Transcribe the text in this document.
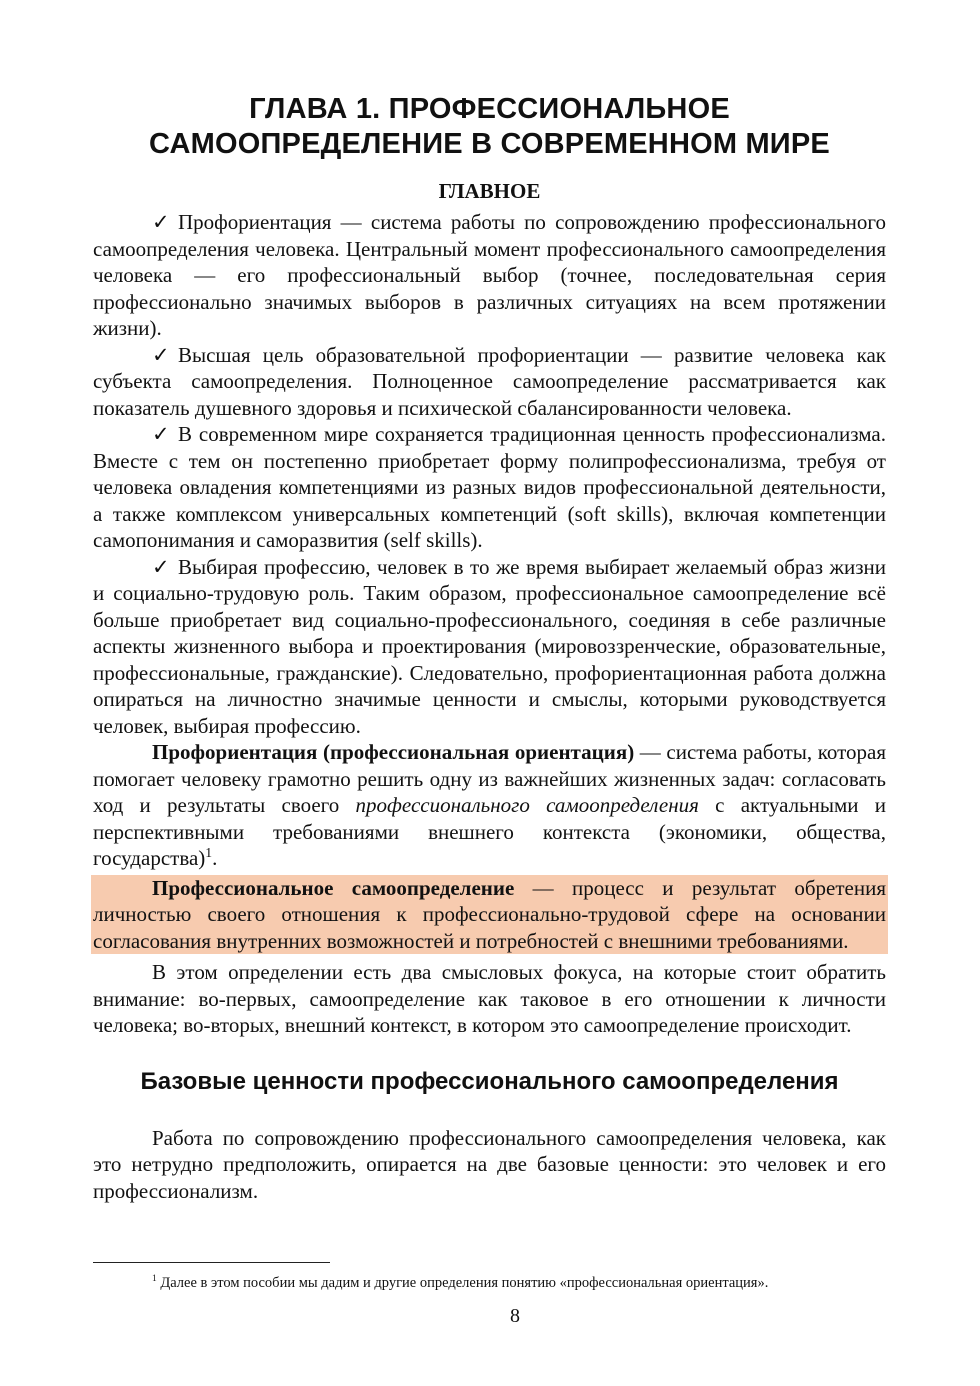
ГЛАВА 1. ПРОФЕССИОНАЛЬНОЕ
САМООПРЕДЕЛЕНИЕ В СОВРЕМЕННОМ МИРЕ
ГЛАВНОЕ

✓ Профориентация — система работы по сопровождению профессионального самоопределения человека. Центральный момент профессионального самоопределения человека — его профессиональный выбор (точнее, последовательная серия профессионально значимых выборов в различных ситуациях на всем протяжении жизни).

✓ Высшая цель образовательной профориентации — развитие человека как субъекта самоопределения. Полноценное самоопределение рассматривается как показатель душевного здоровья и психической сбалансированности человека.

✓ В современном мире сохраняется традиционная ценность профессионализма. Вместе с тем он постепенно приобретает форму полипрофессионализма, требуя от человека овладения компетенциями из разных видов профессиональной деятельности, а также комплексом универсальных компетенций (soft skills), включая компетенции самопонимания и саморазвития (self skills).

✓ Выбирая профессию, человек в то же время выбирает желаемый образ жизни и социально-трудовую роль. Таким образом, профессиональное самоопределение всё больше приобретает вид социально-профессионального, соединяя в себе различные аспекты жизненного выбора и проектирования (мировоззренческие, образовательные, профессиональные, гражданские). Следовательно, профориентационная работа должна опираться на личностно значимые ценности и смыслы, которыми руководствуется человек, выбирая профессию.

Профориентация (профессиональная ориентация) — система работы, которая помогает человеку грамотно решить одну из важнейших жизненных задач: согласовать ход и результаты своего профессионального самоопределения с актуальными и перспективными требованиями внешнего контекста (экономики, общества, государства)$^1$.

Профессиональное самоопределение — процесс и результат обретения личностью своего отношения к профессионально-трудовой сфере на основании согласования внутренних возможностей и потребностей с внешними требованиями.

В этом определении есть два смысловых фокуса, на которые стоит обратить внимание: во-первых, самоопределение как таковое в его отношении к личности человека; во-вторых, внешний контекст, в котором это самоопределение происходит.

Базовые ценности профессионального самоопределения

Работа по сопровождению профессионального самоопределения человека, как это нетрудно предположить, опирается на две базовые ценности: это человек и его профессионализм.

$^1$ Далее в этом пособии мы дадим и другие определения понятию «профессиональная ориентация».
8
